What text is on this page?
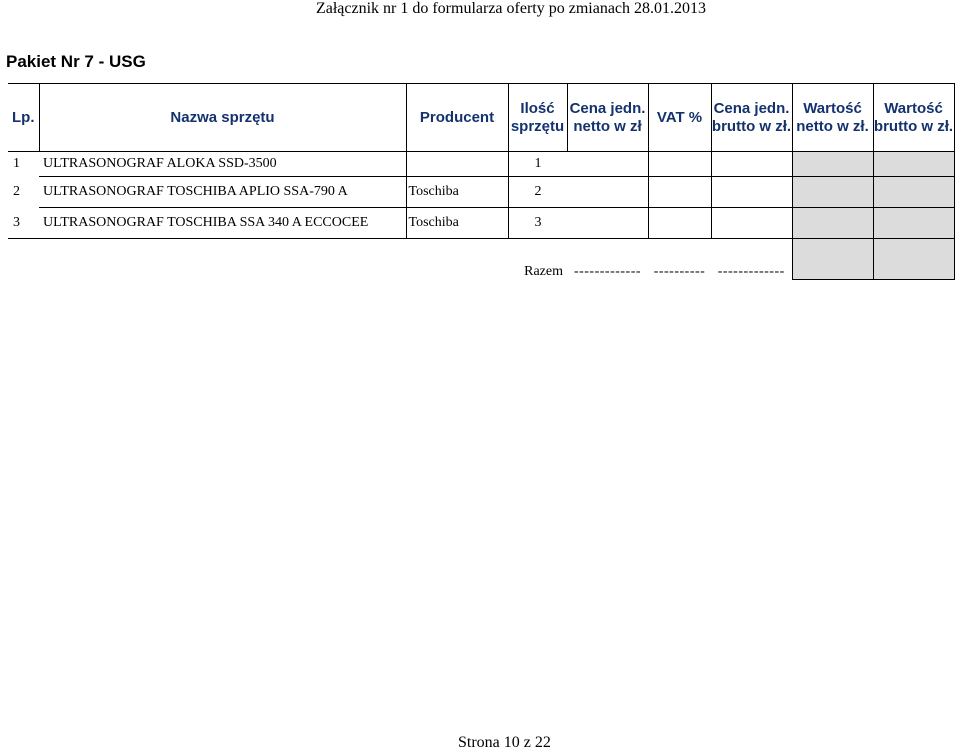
Załącznik nr 1 do formularza oferty po zmianach 28.01.2013
Pakiet Nr 7 - USG
Lp.	Nazwa sprzętu	Producent	Ilość sprzętu	Cena jedn. netto w zł	VAT %	Cena jedn. brutto w zł.	Wartość netto w zł.	Wartość brutto w zł.
1	ULTRASONOGRAF ALOKA SSD-3500		1					
2	ULTRASONOGRAF TOSCHIBA APLIO SSA-790 A	Toschiba	2					
3	ULTRASONOGRAF TOSCHIBA SSA 340 A ECCOCEE	Toschiba	3					
			Razem	-------------	----------	-------------		
Strona 10 z 22
